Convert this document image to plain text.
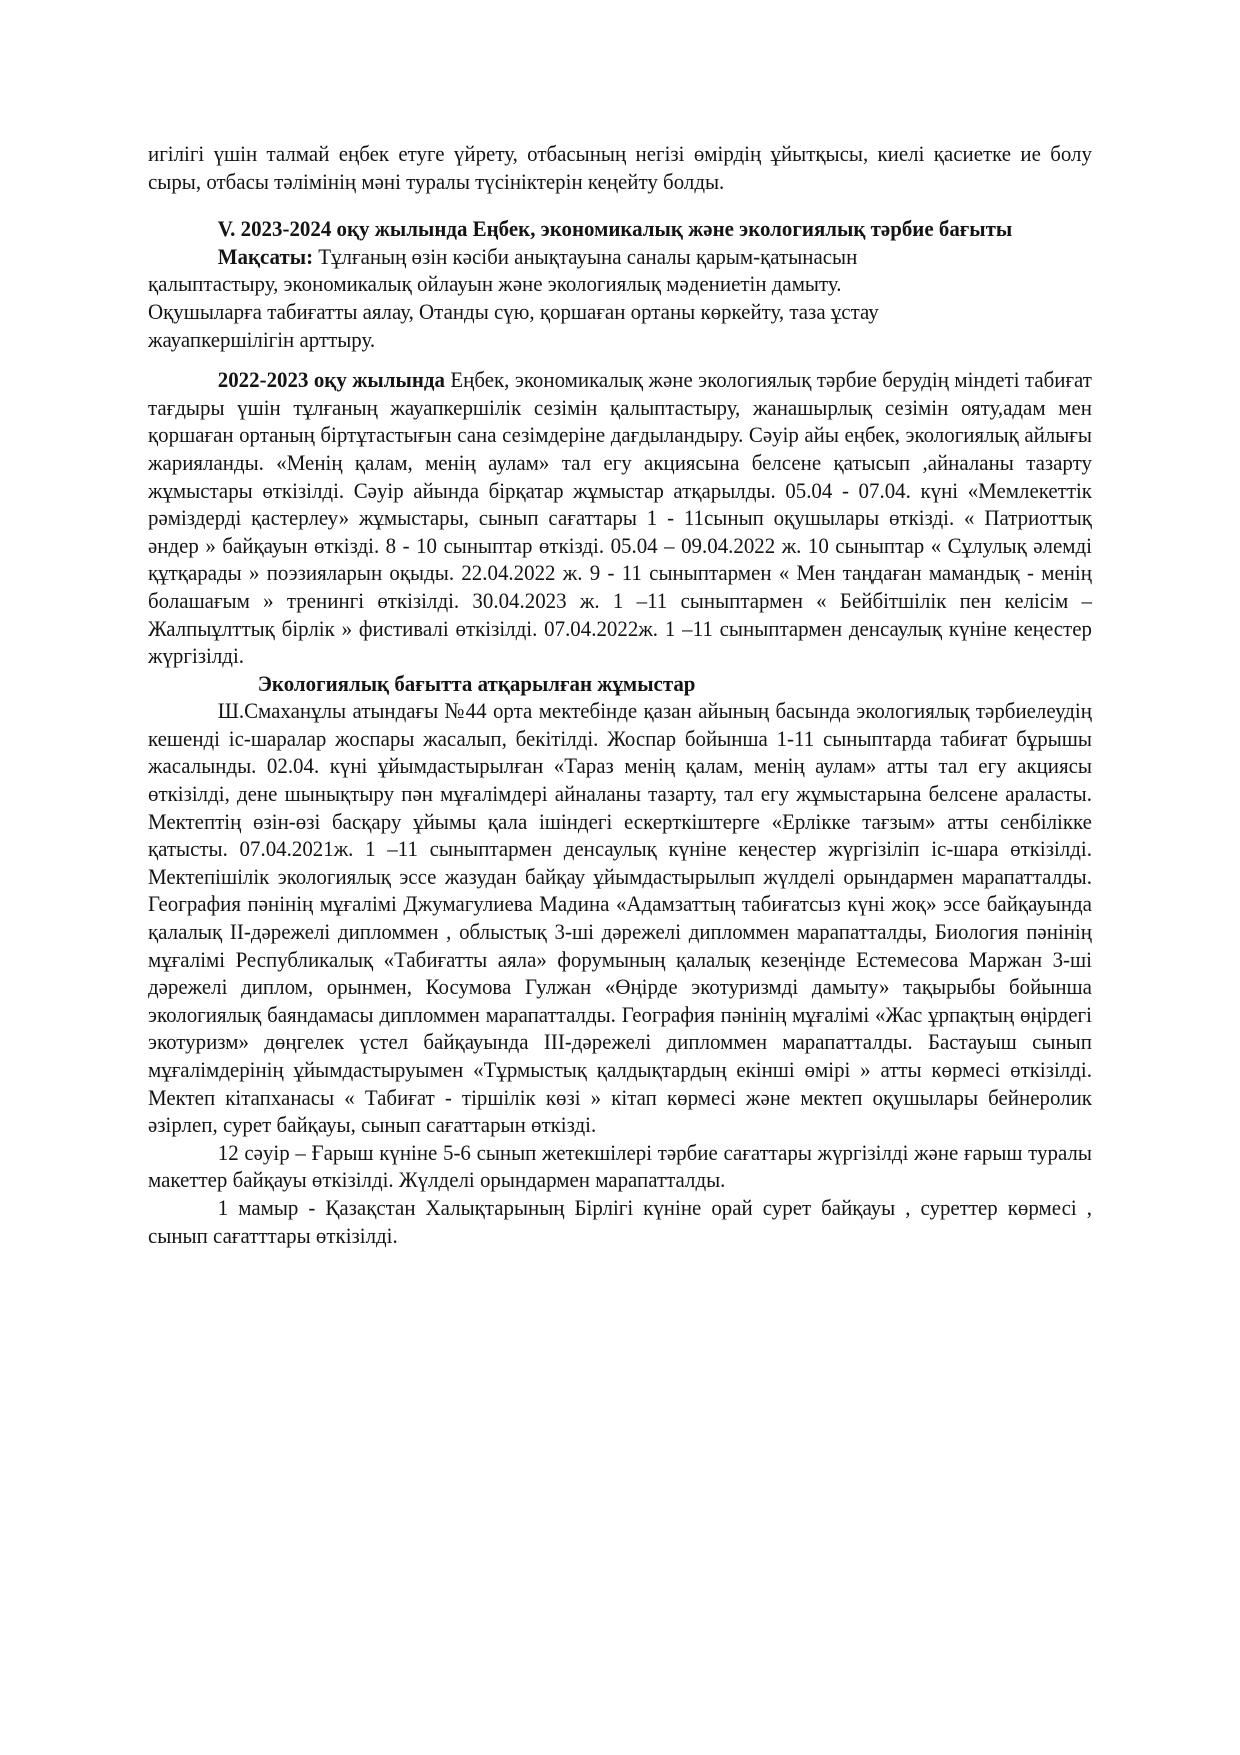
игілігі үшін талмай еңбек етуге үйрету, отбасының негізі өмірдің ұйытқысы, киелі қасиетке ие болу сыры, отбасы тәлімінің мәні туралы түсініктерін кеңейту болды.

V. 2023-2024 оқу жылында Еңбек, экономикалық және экологиялық тәрбие бағыты

Мақсаты: Тұлғаның өзін кәсіби анықтауына саналы қарым-қатынасын

қалыптастыру, экономикалық ойлауын және экологиялық мәдениетін дамыту.

Оқушыларға табиғатты аялау, Отанды сүю, қоршаған ортаны көркейту, таза ұстау

жауапкершілігін арттыру.

2022-2023 оқу жылында Еңбек, экономикалық және экологиялық тәрбие берудің міндеті табиғат тағдыры үшін тұлғаның жауапкершілік сезімін қалыптастыру, жанашырлық сезімін ояту,адам мен қоршаған ортаның біртұтастығын сана сезімдеріне дағдыландыру. Сәуір айы еңбек, экологиялық айлығы жарияланды. «Менің қалам, менің аулам» тал егу акциясына белсене қатысып ,айналаны тазарту жұмыстары өткізілді. Сәуір айында бірқатар жұмыстар атқарылды. 05.04 - 07.04. күні «Мемлекеттік рәміздерді қастерлеу» жұмыстары, сынып сағаттары 1 - 11сынып оқушылары өткізді. « Патриоттық әндер » байқауын өткізді. 8 - 10 сыныптар өткізді. 05.04 – 09.04.2022 ж. 10 сыныптар « Сұлулық әлемді құтқарады » поэзияларын оқыды. 22.04.2022 ж. 9 - 11 сыныптармен « Мен таңдаған мамандық - менің болашағым » тренингі өткізілді. 30.04.2023 ж. 1 –11 сыныптармен « Бейбітшілік пен келісім – Жалпыұлттық бірлік » фистивалі өткізілді. 07.04.2022ж. 1 –11 сыныптармен денсаулық күніне кеңестер жүргізілді.

Экологиялық бағытта атқарылған жұмыстар

Ш.Смаханұлы атындағы №44 орта мектебінде қазан айының басында экологиялық тәрбиелеудің кешенді іс-шаралар жоспары жасалып, бекітілді. Жоспар бойынша 1-11 сыныптарда табиғат бұрышы жасалынды. 02.04. күні ұйымдастырылған «Тараз менің қалам, менің аулам» атты тал егу акциясы өткізілді, дене шынықтыру пән мұғалімдері айналаны тазарту, тал егу жұмыстарына белсене араласты. Мектептің өзін-өзі басқару ұйымы қала ішіндегі ескерткіштерге «Ерлікке тағзым» атты сенбілікке қатысты. 07.04.2021ж. 1 –11 сыныптармен денсаулық күніне кеңестер жүргізіліп іс-шара өткізілді. Мектепішілік экологиялық эссе жазудан байқау ұйымдастырылып жүлделі орындармен марапатталды. География пәнінің мұғалімі Джумагулиева Мадина «Адамзаттың табиғатсыз күні жоқ» эссе байқауында қалалық ІІ-дәрежелі дипломмен , облыстық 3-ші дәрежелі дипломмен марапатталды, Биология пәнінің мұғалімі Республикалық «Табиғатты аяла» форумының қалалық кезеңінде Естемесова Маржан 3-ші дәрежелі диплом, орынмен, Косумова Гулжан «Өңірде экотуризмді дамыту» тақырыбы бойынша экологиялық баяндамасы дипломмен марапатталды. География пәнінің мұғалімі «Жас ұрпақтың өңірдегі экотуризм» дөңгелек үстел байқауында ІІІ-дәрежелі дипломмен марапатталды. Бастауыш сынып мұғалімдерінің ұйымдастыруымен «Тұрмыстық қалдықтардың екінші өмірі » атты көрмесі өткізілді. Мектеп кітапханасы « Табиғат - тіршілік көзі » кітап көрмесі және мектеп оқушылары бейнеролик әзірлеп, сурет байқауы, сынып сағаттарын өткізді.

12 сәуір – Ғарыш күніне 5-6 сынып жетекшілері тәрбие сағаттары жүргізілді және ғарыш туралы макеттер байқауы өткізілді. Жүлделі орындармен марапатталды.

1 мамыр - Қазақстан Халықтарының Бірлігі күніне орай сурет байқауы , суреттер көрмесі , сынып сағатттары өткізілді.
